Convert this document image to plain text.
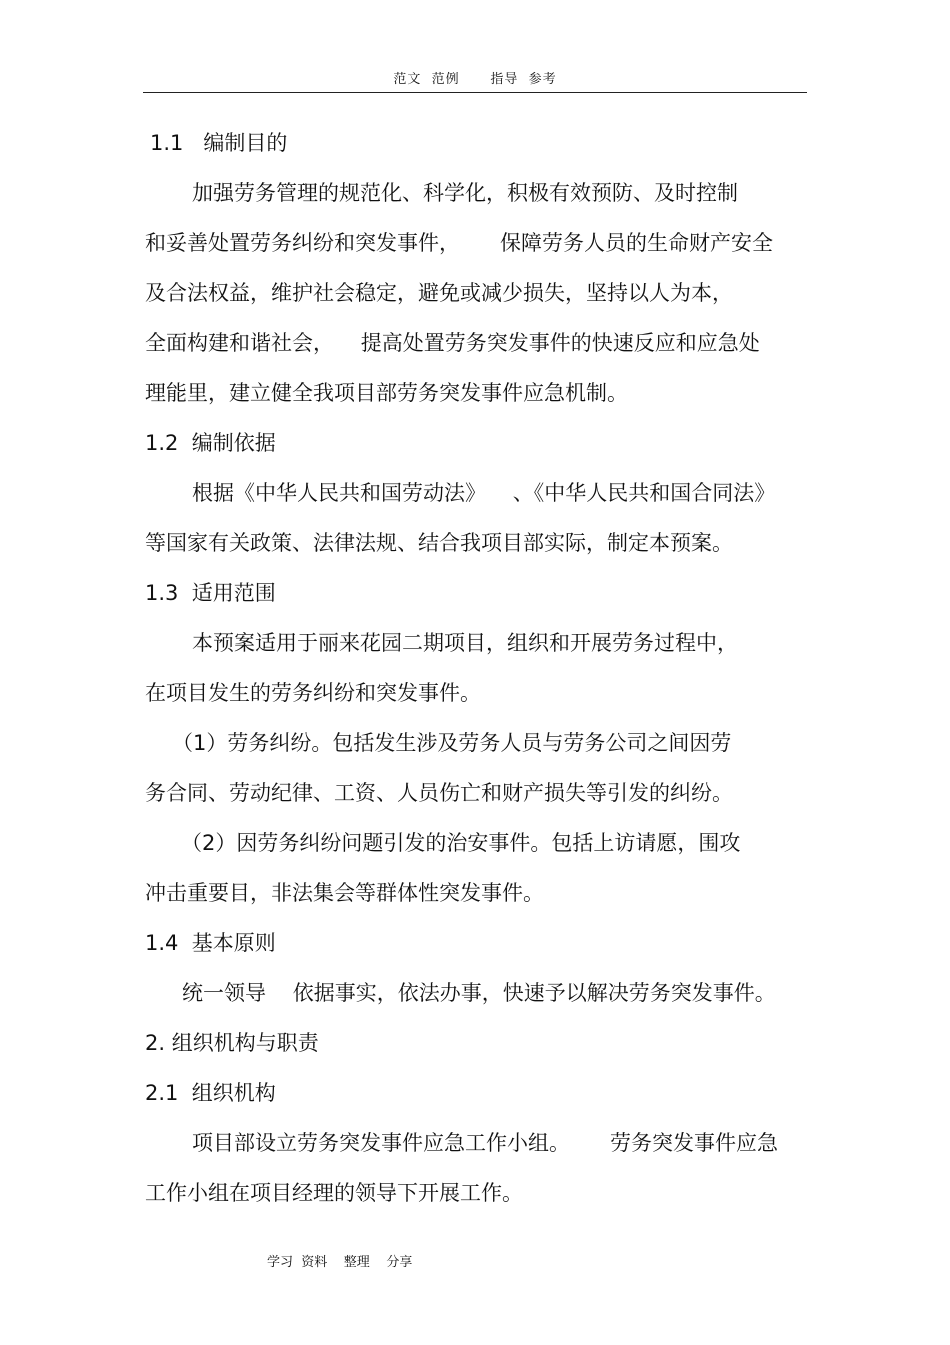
范文  范例      指导  参考
1.1   编制目的
加强劳务管理的规范化、科学化，积极有效预防、及时控制
和妥善处置劳务纠纷和突发事件，      保障劳务人员的生命财产安全
及合法权益，维护社会稳定，避免或减少损失，坚持以人为本，
全面构建和谐社会，    提高处置劳务突发事件的快速反应和应急处
理能里，建立健全我项目部劳务突发事件应急机制。
1.2  编制依据
根据《中华人民共和国劳动法》    、《中华人民共和国合同法》
等国家有关政策、法律法规、结合我项目部实际，制定本预案。
1.3  适用范围
本预案适用于丽来花园二期项目，组织和开展劳务过程中，
在项目发生的劳务纠纷和突发事件。
（1）劳务纠纷。包括发生涉及劳务人员与劳务公司之间因劳
务合同、劳动纪律、工资、人员伤亡和财产损失等引发的纠纷。
（2）因劳务纠纷问题引发的治安事件。包括上访请愿，围攻
冲击重要目，非法集会等群体性突发事件。
1.4  基本原则
统一领导    依据事实，依法办事，快速予以解决劳务突发事件。
2. 组织机构与职责
2.1  组织机构
项目部设立劳务突发事件应急工作小组。      劳务突发事件应急
工作小组在项目经理的领导下开展工作。
学习  资料    整理    分享
